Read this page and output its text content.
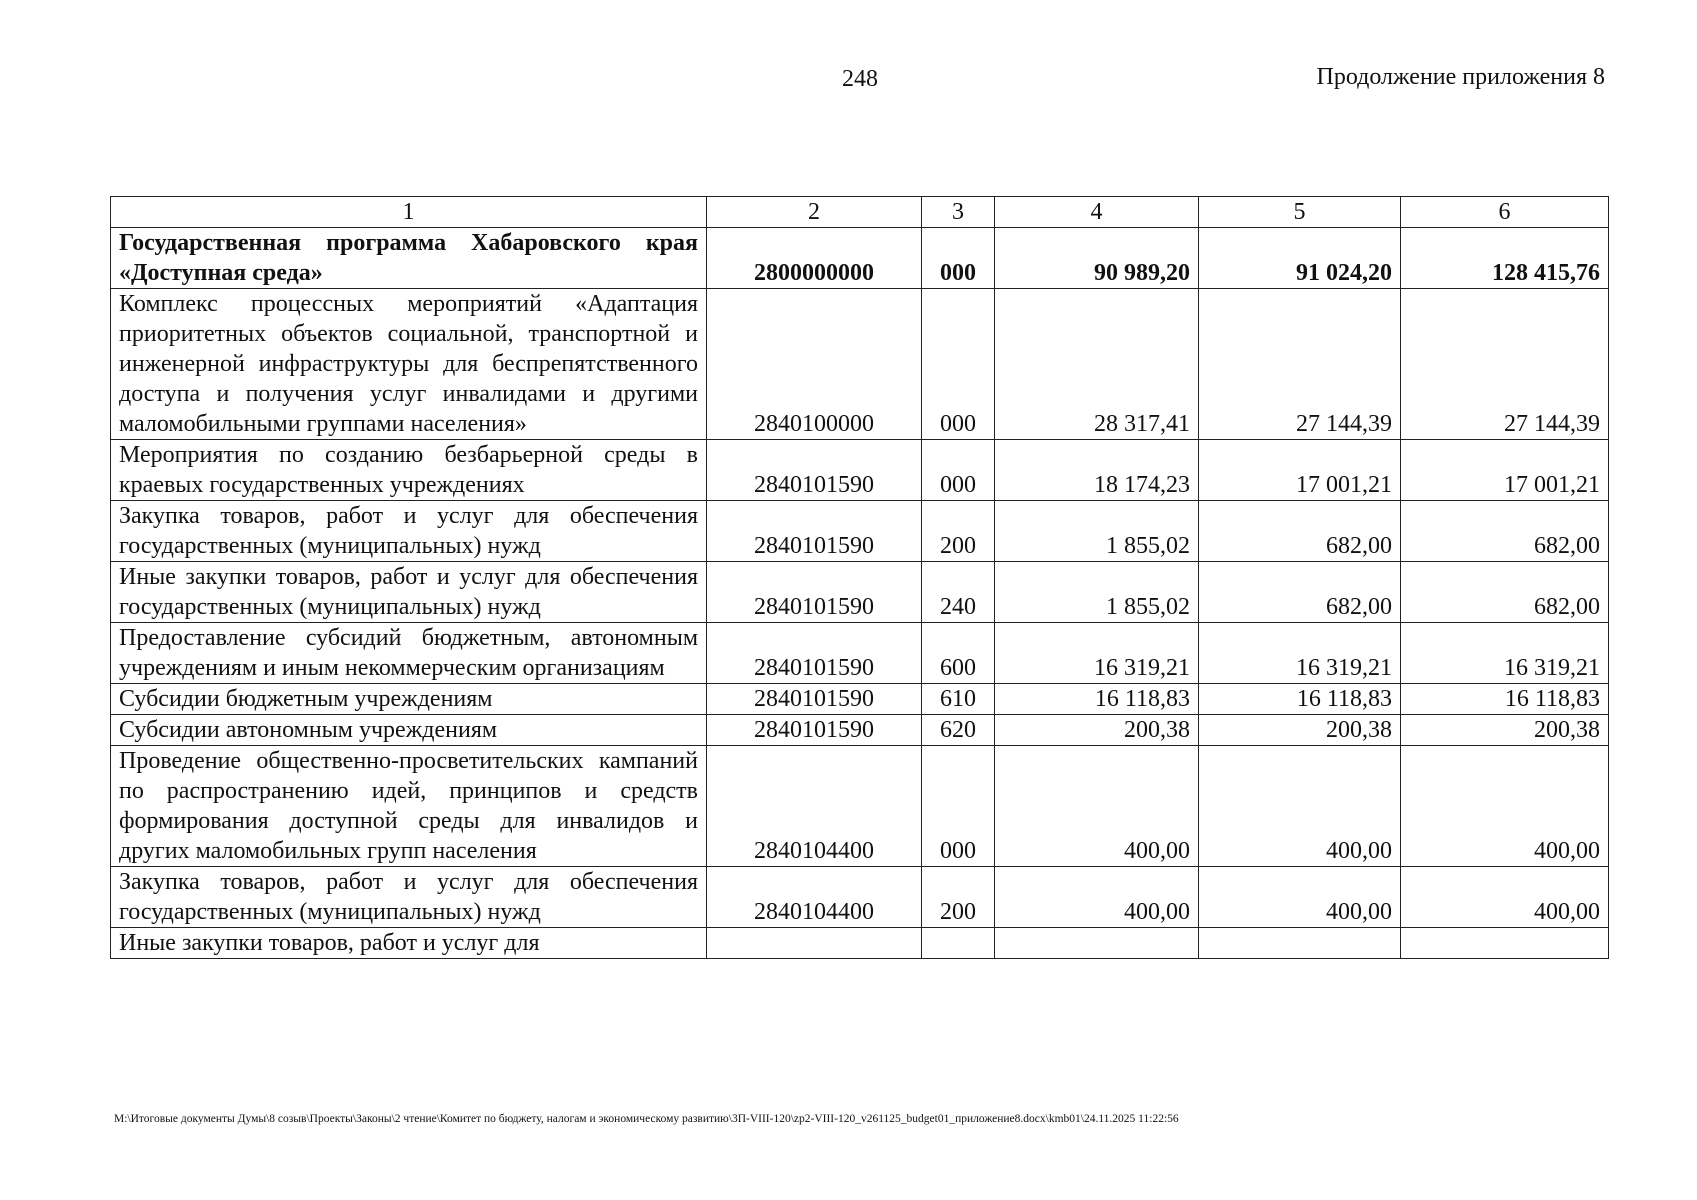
248	Продолжение приложения 8
1	2	3	4	5	6
Государственная программа Хабаровского края «Доступная среда»	2800000000	000	90 989,20	91 024,20	128 415,76
Комплекс процессных мероприятий «Адаптация приоритетных объектов социальной, транспортной и инженерной инфраструктуры для беспрепятственного доступа и получения услуг инвалидами и другими маломобильными группами населения»	2840100000	000	28 317,41	27 144,39	27 144,39
Мероприятия по созданию безбарьерной среды в краевых государственных учреждениях	2840101590	000	18 174,23	17 001,21	17 001,21
Закупка товаров, работ и услуг для обеспечения государственных (муниципальных) нужд	2840101590	200	1 855,02	682,00	682,00
Иные закупки товаров, работ и услуг для обеспечения государственных (муниципальных) нужд	2840101590	240	1 855,02	682,00	682,00
Предоставление субсидий бюджетным, автономным учреждениям и иным некоммерческим организациям	2840101590	600	16 319,21	16 319,21	16 319,21
Субсидии бюджетным учреждениям	2840101590	610	16 118,83	16 118,83	16 118,83
Субсидии автономным учреждениям	2840101590	620	200,38	200,38	200,38
Проведение общественно-просветительских кампаний по распространению идей, принципов и средств формирования доступной среды для инвалидов и других маломобильных групп населения	2840104400	000	400,00	400,00	400,00
Закупка товаров, работ и услуг для обеспечения государственных (муниципальных) нужд	2840104400	200	400,00	400,00	400,00
Иные закупки товаров, работ и услуг для					
M:\Итоговые документы Думы\8 созыв\Проекты\Законы\2 чтение\Комитет по бюджету, налогам и экономическому развитию\3П-VIII-120\zp2-VIII-120_v261125_budget01_приложение8.docx\kmb01\24.11.2025 11:22:56
